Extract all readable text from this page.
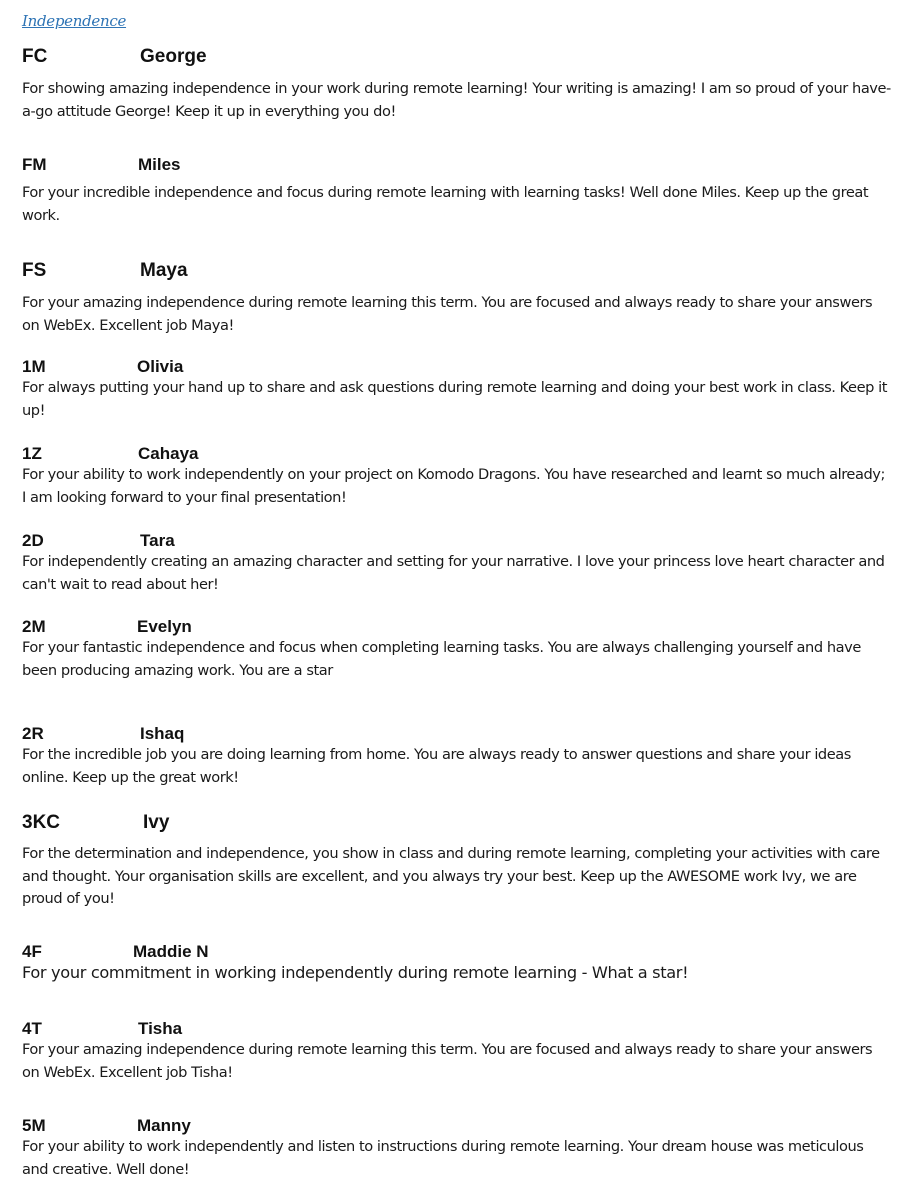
Independence
FC	George

For showing amazing independence in your work during remote learning! Your writing is amazing! I am so proud of your have-a-go attitude George! Keep it up in everything you do!

FM	Miles

For your incredible independence and focus during remote learning with learning tasks! Well done Miles. Keep up the great work.

FS	Maya

For your amazing independence during remote learning this term. You are focused and always ready to share your answers on WebEx. Excellent job Maya!

1M	Olivia

For always putting your hand up to share and ask questions during remote learning and doing your best work in class. Keep it up!

1Z	Cahaya

For your ability to work independently on your project on Komodo Dragons. You have researched and learnt so much already; I am looking forward to your final presentation!

2D	Tara

For independently creating an amazing character and setting for your narrative. I love your princess love heart character and can't wait to read about her!

2M	Evelyn

For your fantastic independence and focus when completing learning tasks. You are always challenging yourself and have been producing amazing work. You are a star

2R	Ishaq

For the incredible job you are doing learning from home. You are always ready to answer questions and share your ideas online. Keep up the great work!

3KC	Ivy

For the determination and independence, you show in class and during remote learning, completing your activities with care and thought. Your organisation skills are excellent, and you always try your best. Keep up the AWESOME work Ivy, we are proud of you!

4F	Maddie N

For your commitment in working independently during remote learning - What a star!

4T	Tisha

For your amazing independence during remote learning this term. You are focused and always ready to share your answers on WebEx. Excellent job Tisha!

5M	Manny

For your ability to work independently and listen to instructions during remote learning. Your dream house was meticulous and creative. Well done!
